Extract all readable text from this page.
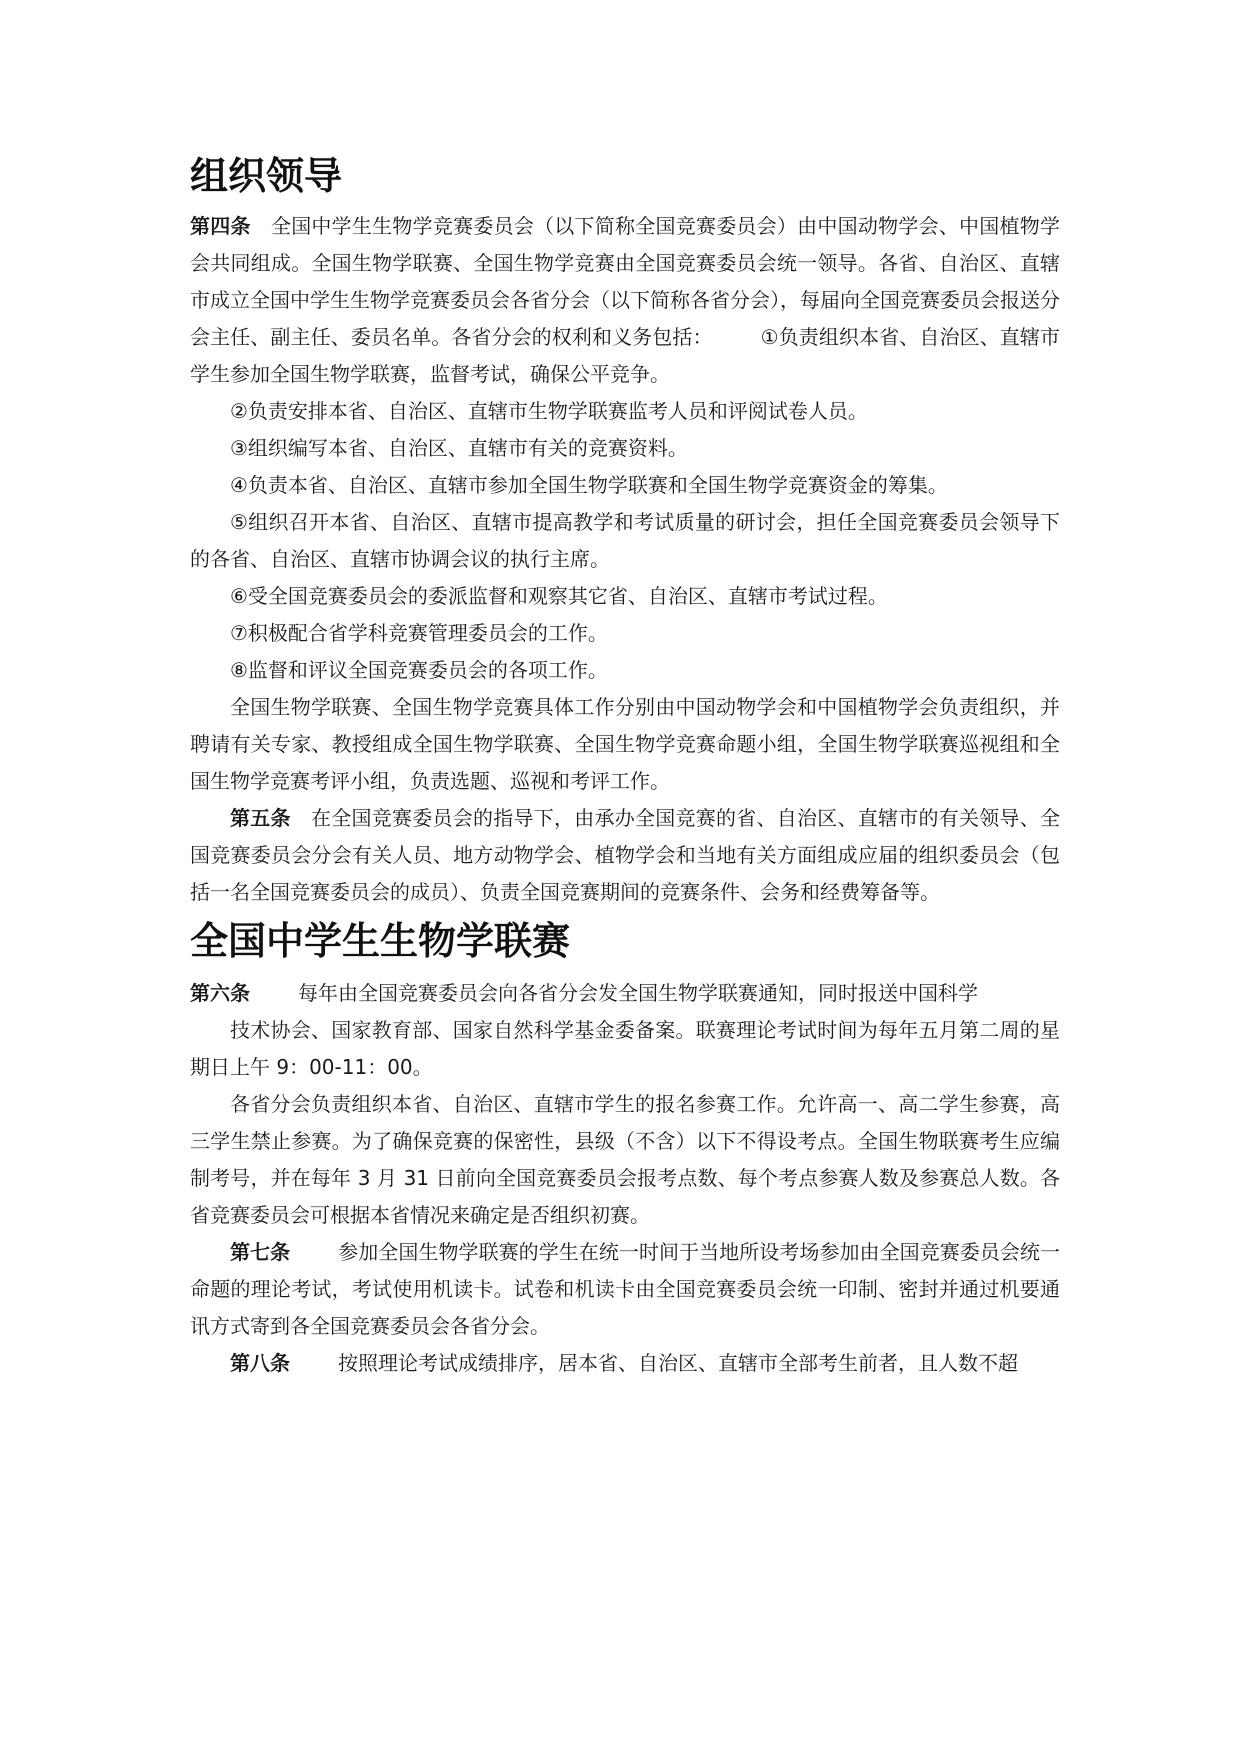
组织领导

第四条 全国中学生生物学竞赛委员会（以下简称全国竞赛委员会）由中国动物学会、中国植物学会共同组成。全国生物学联赛、全国生物学竞赛由全国竞赛委员会统一领导。各省、自治区、直辖市成立全国中学生生物学竞赛委员会各省分会（以下简称各省分会），每届向全国竞赛委员会报送分会主任、副主任、委员名单。各省分会的权利和义务包括： ①负责组织本省、自治区、直辖市学生参加全国生物学联赛，监督考试，确保公平竞争。

②负责安排本省、自治区、直辖市生物学联赛监考人员和评阅试卷人员。

③组织编写本省、自治区、直辖市有关的竞赛资料。

④负责本省、自治区、直辖市参加全国生物学联赛和全国生物学竞赛资金的筹集。

⑤组织召开本省、自治区、直辖市提高教学和考试质量的研讨会，担任全国竞赛委员会领导下的各省、自治区、直辖市协调会议的执行主席。

⑥受全国竞赛委员会的委派监督和观察其它省、自治区、直辖市考试过程。

⑦积极配合省学科竞赛管理委员会的工作。

⑧监督和评议全国竞赛委员会的各项工作。

全国生物学联赛、全国生物学竞赛具体工作分别由中国动物学会和中国植物学会负责组织，并聘请有关专家、教授组成全国生物学联赛、全国生物学竞赛命题小组，全国生物学联赛巡视组和全国生物学竞赛考评小组，负责选题、巡视和考评工作。

第五条 在全国竞赛委员会的指导下，由承办全国竞赛的省、自治区、直辖市的有关领导、全国竞赛委员会分会有关人员、地方动物学会、植物学会和当地有关方面组成应届的组织委员会（包括一名全国竞赛委员会的成员）、负责全国竞赛期间的竞赛条件、会务和经费筹备等。

全国中学生生物学联赛

第六条 每年由全国竞赛委员会向各省分会发全国生物学联赛通知，同时报送中国科学

技术协会、国家教育部、国家自然科学基金委备案。联赛理论考试时间为每年五月第二周的星期日上午 9：00-11：00。

各省分会负责组织本省、自治区、直辖市学生的报名参赛工作。允许高一、高二学生参赛，高三学生禁止参赛。为了确保竞赛的保密性，县级（不含）以下不得设考点。全国生物联赛考生应编制考号，并在每年 3 月 31 日前向全国竞赛委员会报考点数、每个考点参赛人数及参赛总人数。各省竞赛委员会可根据本省情况来确定是否组织初赛。

第七条 参加全国生物学联赛的学生在统一时间于当地所设考场参加由全国竞赛委员会统一命题的理论考试，考试使用机读卡。试卷和机读卡由全国竞赛委员会统一印制、密封并通过机要通讯方式寄到各全国竞赛委员会各省分会。

第八条 按照理论考试成绩排序，居本省、自治区、直辖市全部考生前者，且人数不超
